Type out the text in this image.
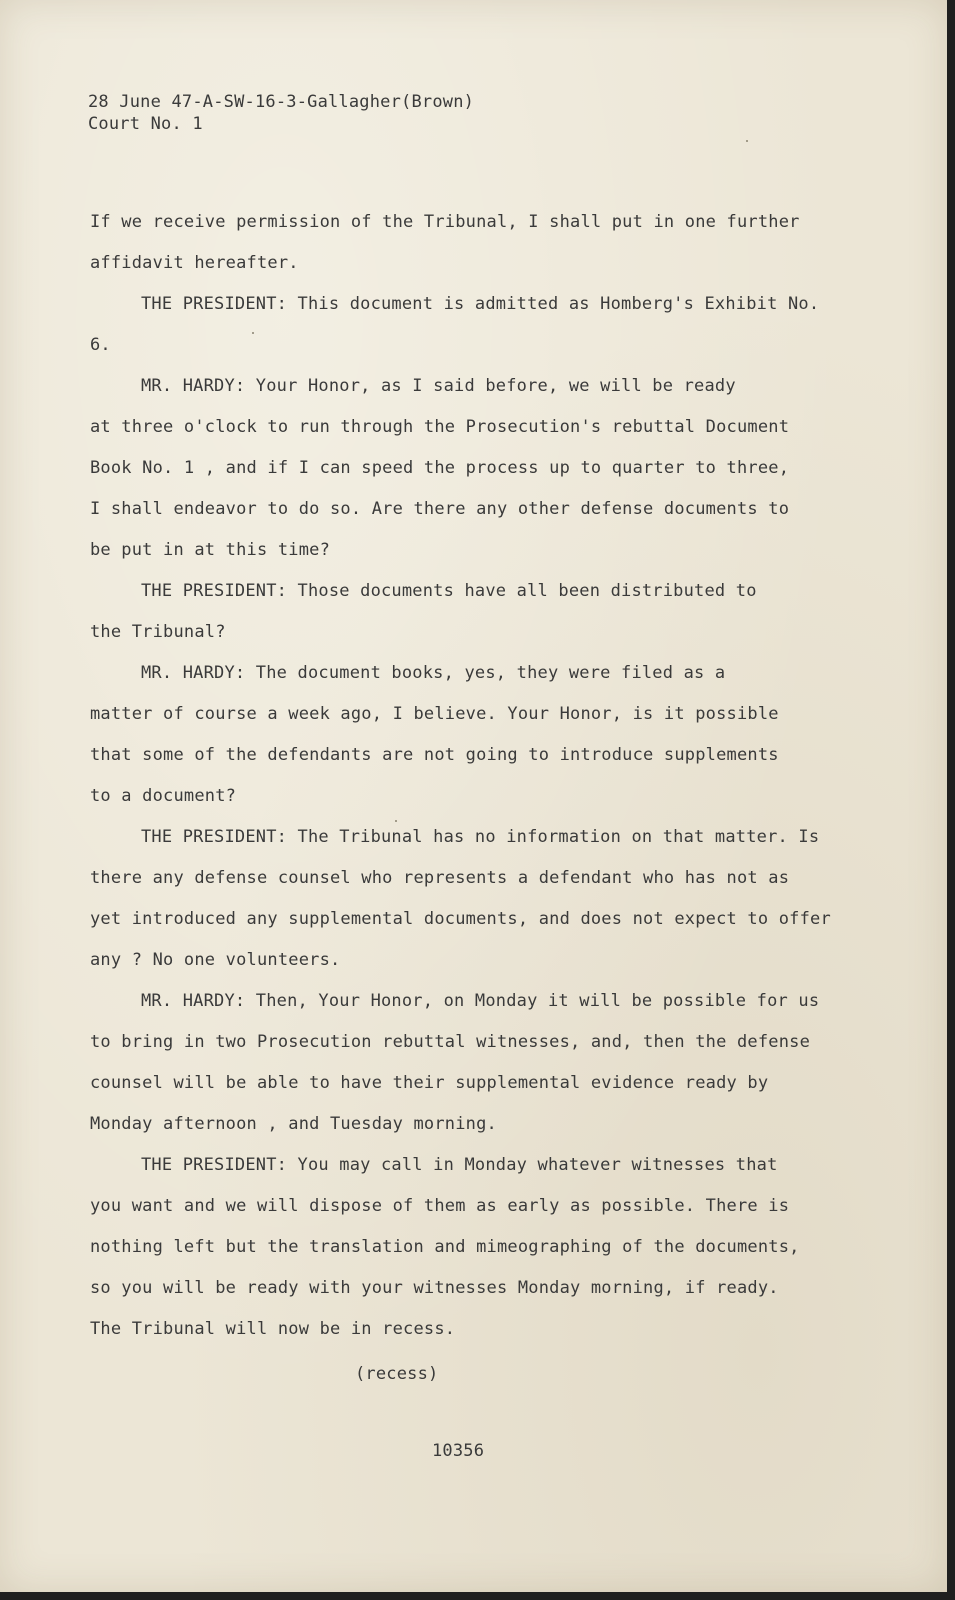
28 June 47-A-SW-16-3-Gallagher(Brown)
Court No. 1
If we receive permission of the Tribunal, I shall put in one further
affidavit hereafter.
THE PRESIDENT: This document is admitted as Homberg's Exhibit No.
6.
MR. HARDY: Your Honor, as I said before, we will be ready
at three o'clock to run through the Prosecution's rebuttal Document
Book No. 1 , and if I can speed the process up to quarter to three,
I shall endeavor to do so. Are there any other defense documents to
be put in at this time?
THE PRESIDENT: Those documents have all been distributed to
the Tribunal?
MR. HARDY: The document books, yes, they were filed as a
matter of course a week ago, I believe. Your Honor, is it possible
that some of the defendants are not going to introduce supplements
to a document?
THE PRESIDENT: The Tribunal has no information on that matter. Is
there any defense counsel who represents a defendant who has not as
yet introduced any supplemental documents, and does not expect to offer
any ? No one volunteers.
MR. HARDY: Then, Your Honor, on Monday it will be possible for us
to bring in two Prosecution rebuttal witnesses, and, then the defense
counsel will be able to have their supplemental evidence ready by
Monday afternoon , and Tuesday morning.
THE PRESIDENT: You may call in Monday whatever witnesses that
you want and we will dispose of them as early as possible. There is
nothing left but the translation and mimeographing of the documents,
so you will be ready with your witnesses Monday morning, if ready.
The Tribunal will now be in recess.
(recess)
10356
